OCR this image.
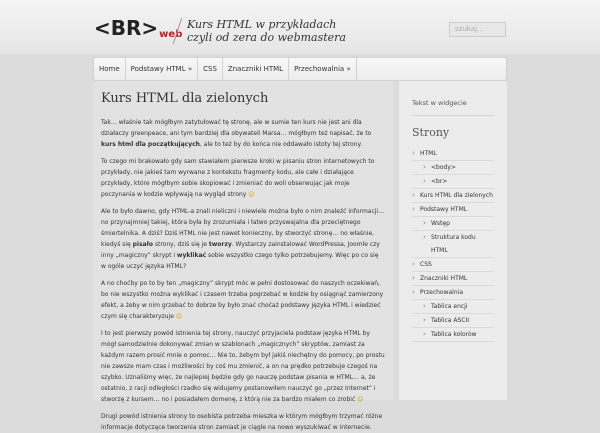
<BR>web
Kurs HTML w przykładach
czyli od zera do webmastera
szukaj...
Home	Podstawy HTML »	CSS	Znaczniki HTML	Przechowalnia »
Kurs HTML dla zielonych

Tak… właśnie tak mógłbym zatytułować tę stronę, ale w sumie ten kurs nie jest ani dla działaczy greenpeace, ani tym bardziej dla obywateli Marsa… mógłbym też napisać, że to kurs html dla początkujących, ale to też by do końca nie oddawało istoty tej strony.

To czego mi brakowało gdy sam stawiałem pierwsze kroki w pisaniu stron internetowych to przykłady, nie jakieś tam wyrwane z kontekstu fragmenty kodu, ale całe i działające przykłady, które mógłbym sobie skopiować i zmieniać do woli obserwując jak moje poczynania w kodzie wpływają na wygląd strony ☺

Ale to było dawno, gdy HTML-a znali nieliczni i niewiele można było o nim znaleźć informacji… no przynajmniej takiej, która była by zrozumiała i łatwo przyswajalna dla przeciętnego śmiertelnika. A dziś? Dziś HTML nie jest nawet konieczny, by stworzyć stronę… no właśnie, kiedyś się pisało strony, dziś się je tworzy. Wystarczy zainstalować WordPressa, Joomle czy inny „magiczny” skrypt i wyklikać sobie wszystko czego tylko potrzebujemy. Więc po co się w ogóle uczyć języka HTML?

A no choćby po to by ten „magiczny” skrypt móc w pełni dostosować do naszych oczekiwań, bo nie wszystko można wyklikać i czasem trzeba pogrzebać w kodzie by osiągnąć zamierzony efekt, a żeby w nim grzebać to dobrze by było znać choćaż podstawy języka HTML i wiedzieć czym się charakteryzuje ☺

I to jest pierwszy powód istnienia tej strony, nauczyć przyjaciela podstaw języka HTML by mógł samodzielnie dokonywać zmian w szablonach „magicznych” skryptów, zamiast za każdym razem prosić mnie o pomoc… Nie to, żebym był jakiś niechętny do pomocy, po prostu nie zawsze mam czas i możliwości by coś mu zmienić, a on na prędko potrzebuje czegoś na szybko. Uznaliśmy więc, że najlepiej będzie gdy go nauczę podstaw pisania w HTML… a, że ostatnio, z racji odległości rzadko się widujemy postanowiłem nauczyć go „przez Internet” i stworzę z kursem… no i posiadałem domenę, z którą nie za bardzo miałem co zrobić ☺

Drugi powód istnienia strony to osobista potrzeba mieszka w którym mógłbym trzymać różne informacje dotyczące tworzenia stron zamiast je ciągle na nowo wyszukiwać w internecie.

Tekst w widgecie
Strony
› HTML
› <body>
› <br>
› Kurs HTML dla zielonych
› Podstawy HTML
› Wstęp
› Struktura kodu HTML
› CSS
› Znaczniki HTML
› Przechowalnia
› Tablica encji
› Tablica ASCII
› Tablica kolorów
